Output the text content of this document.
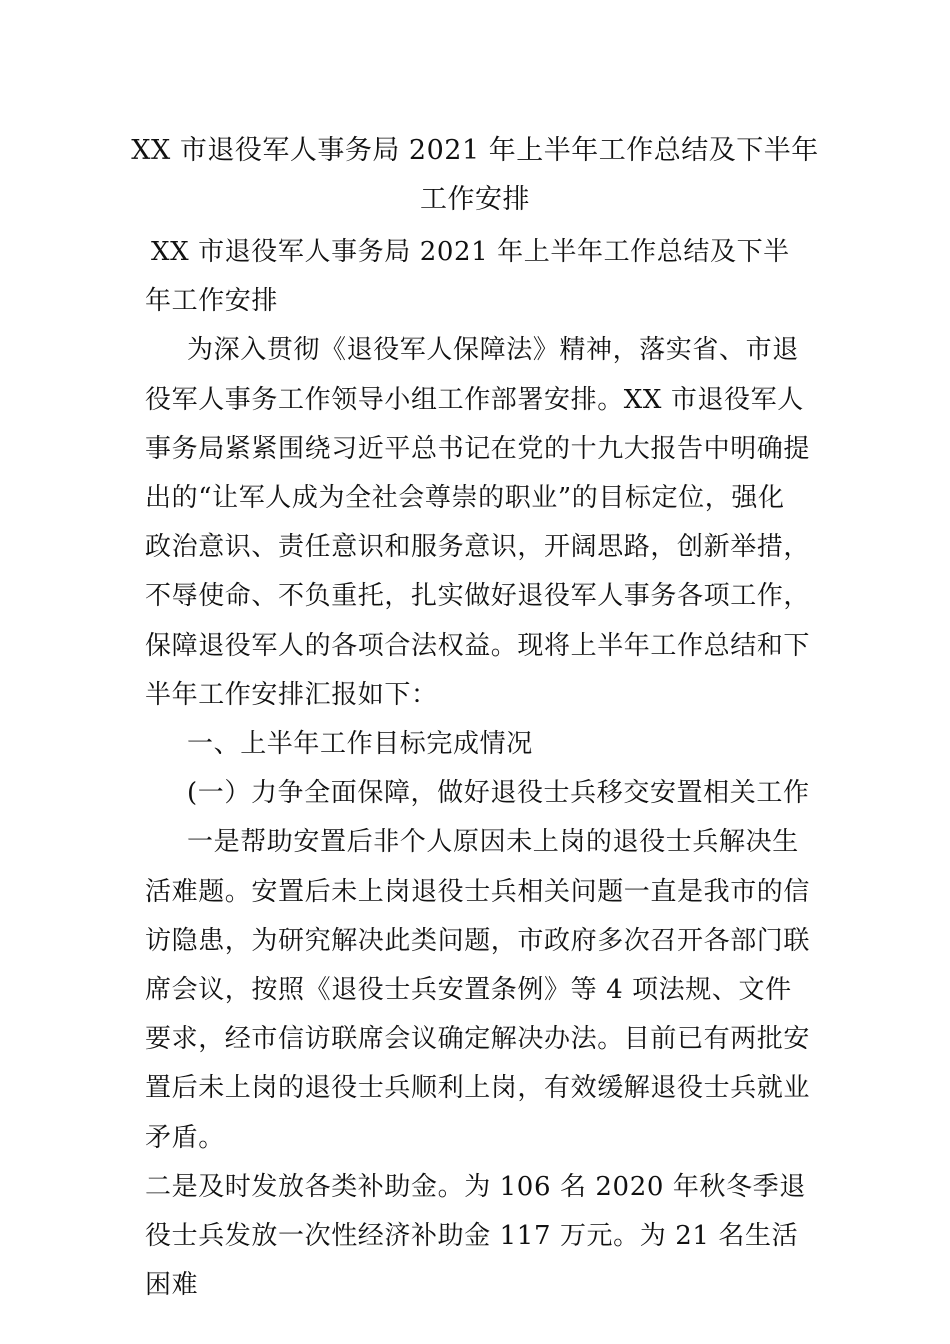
XX 市退役军人事务局 2021 年上半年工作总结及下半年工作安排

XX 市退役军人事务局 2021 年上半年工作总结及下半年工作安排

为深入贯彻《退役军人保障法》精神，落实省、市退役军人事务工作领导小组工作部署安排。XX 市退役军人事务局紧紧围绕习近平总书记在党的十九大报告中明确提出的“让军人成为全社会尊崇的职业”的目标定位，强化政治意识、责任意识和服务意识，开阔思路，创新举措，不辱使命、不负重托，扎实做好退役军人事务各项工作，保障退役军人的各项合法权益。现将上半年工作总结和下半年工作安排汇报如下：

一、上半年工作目标完成情况

(一）力争全面保障，做好退役士兵移交安置相关工作

一是帮助安置后非个人原因未上岗的退役士兵解决生活难题。安置后未上岗退役士兵相关问题一直是我市的信访隐患，为研究解决此类问题，市政府多次召开各部门联席会议，按照《退役士兵安置条例》等 4 项法规、文件要求，经市信访联席会议确定解决办法。目前已有两批安置后未上岗的退役士兵顺利上岗，有效缓解退役士兵就业矛盾。

二是及时发放各类补助金。为 106 名 2020 年秋冬季退役士兵发放一次性经济补助金 117 万元。为 21 名生活困难
